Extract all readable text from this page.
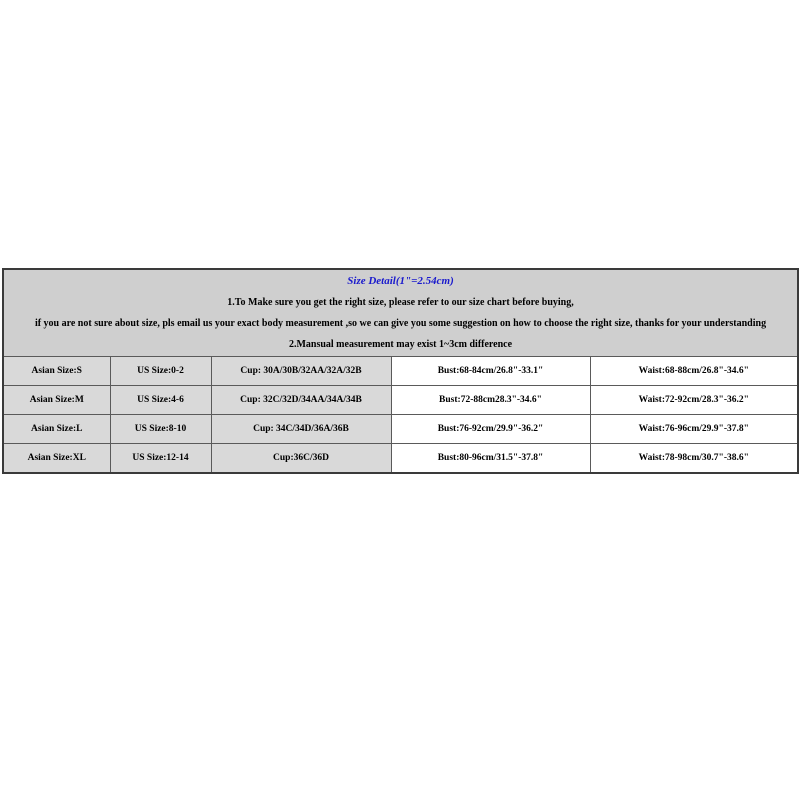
Size Detail(1"=2.54cm)
1.To Make sure you get the right size, please refer to our size chart before buying,
if you are not sure about size, pls email us your exact body measurement ,so we can give you some suggestion on how to choose the right size, thanks for your understanding
2.Mansual measurement may exist 1~3cm difference				

Asian Size:S	US Size:0-2	Cup: 30A/30B/32AA/32A/32B	Bust:68-84cm/26.8"-33.1"	Waist:68-88cm/26.8"-34.6"
Asian Size:M	US Size:4-6	Cup: 32C/32D/34AA/34A/34B	Bust:72-88cm28.3"-34.6"	Waist:72-92cm/28.3"-36.2"
Asian Size:L	US Size:8-10	Cup: 34C/34D/36A/36B	Bust:76-92cm/29.9"-36.2"	Waist:76-96cm/29.9"-37.8"
Asian Size:XL	US Size:12-14	Cup:36C/36D	Bust:80-96cm/31.5"-37.8"	Waist:78-98cm/30.7"-38.6"
